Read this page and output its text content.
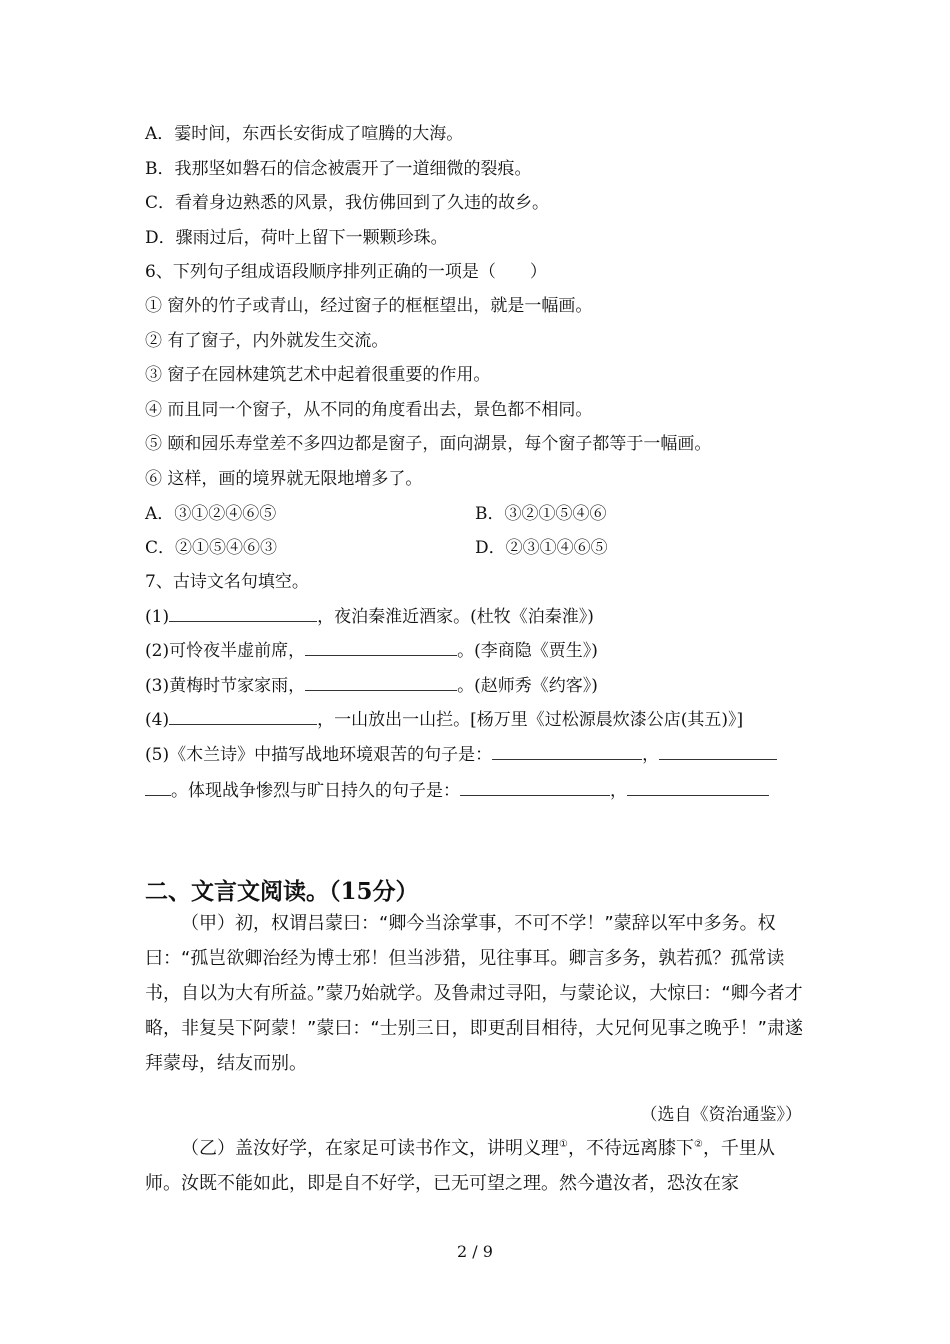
A．霎时间，东西长安街成了喧腾的大海。
B．我那坚如磐石的信念被震开了一道细微的裂痕。
C．看着身边熟悉的风景，我仿佛回到了久违的故乡。
D．骤雨过后，荷叶上留下一颗颗珍珠。
6、下列句子组成语段顺序排列正确的一项是（　　）
① 窗外的竹子或青山，经过窗子的框框望出，就是一幅画。
② 有了窗子，内外就发生交流。
③ 窗子在园林建筑艺术中起着很重要的作用。
④ 而且同一个窗子，从不同的角度看出去，景色都不相同。
⑤ 颐和园乐寿堂差不多四边都是窗子，面向湖景，每个窗子都等于一幅画。
⑥ 这样，画的境界就无限地增多了。
A．③①②④⑥⑤	B．③②①⑤④⑥
C．②①⑤④⑥③	D．②③①④⑥⑤
7、古诗文名句填空。
(1)	，夜泊秦淮近酒家。(杜牧《泊秦淮》)
(2)可怜夜半虚前席，	。(李商隐《贾生》)
(3)黄梅时节家家雨，	。(赵师秀《约客》)
(4)	，一山放出一山拦。[杨万里《过松源晨炊漆公店(其五)》]
(5)《木兰诗》中描写战地环境艰苦的句子是：	，
。体现战争惨烈与旷日持久的句子是：	，
二、文言文阅读。（15分）

（甲）初，权谓吕蒙曰：“卿今当涂掌事，不可不学！”蒙辞以军中多务。权曰：“孤岂欲卿治经为博士邪！但当涉猎，见往事耳。卿言多务，孰若孤？孤常读书，自以为大有所益。”蒙乃始就学。及鲁肃过寻阳，与蒙论议，大惊曰：“卿今者才略，非复吴下阿蒙！”蒙曰：“士别三日，即更刮目相待，大兄何见事之晚乎！”肃遂拜蒙母，结友而别。

（选自《资治通鉴》）

（乙）盖汝好学，在家足可读书作文，讲明义理①，不待远离膝下②，千里从师。汝既不能如此，即是自不好学，已无可望之理。然今遣汝者，恐汝在家

2 / 9
